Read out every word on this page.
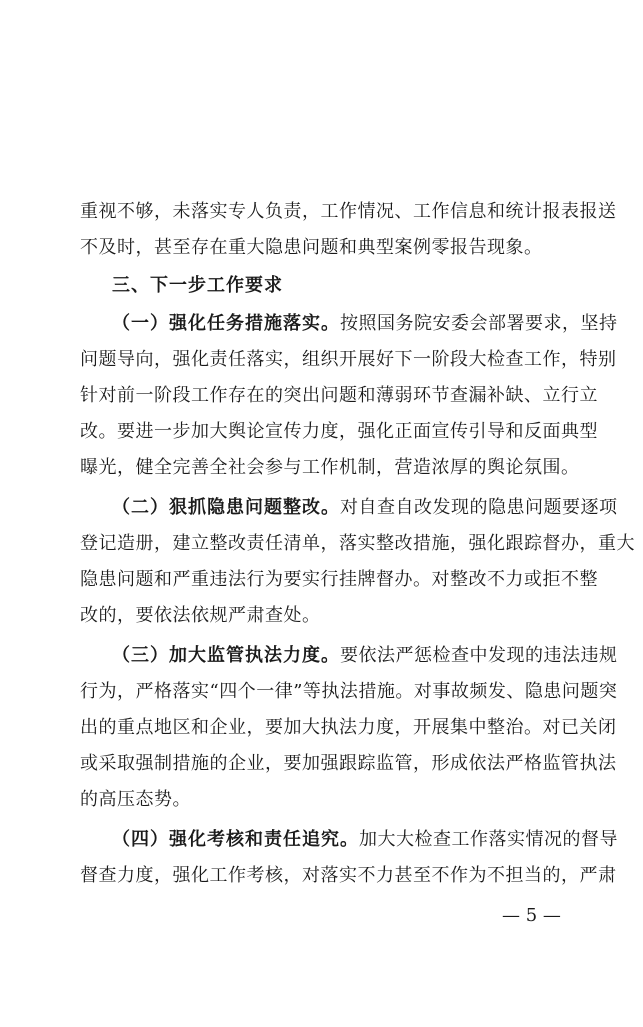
重视不够，未落实专人负责，工作情况、工作信息和统计报表报送
不及时，甚至存在重大隐患问题和典型案例零报告现象。
三、下一步工作要求
（一）强化任务措施落实。按照国务院安委会部署要求，坚持
问题导向，强化责任落实，组织开展好下一阶段大检查工作，特别
针对前一阶段工作存在的突出问题和薄弱环节查漏补缺、立行立
改。要进一步加大舆论宣传力度，强化正面宣传引导和反面典型
曝光，健全完善全社会参与工作机制，营造浓厚的舆论氛围。
（二）狠抓隐患问题整改。对自查自改发现的隐患问题要逐项
登记造册，建立整改责任清单，落实整改措施，强化跟踪督办，重大
隐患问题和严重违法行为要实行挂牌督办。对整改不力或拒不整
改的，要依法依规严肃查处。
（三）加大监管执法力度。要依法严惩检查中发现的违法违规
行为，严格落实“四个一律”等执法措施。对事故频发、隐患问题突
出的重点地区和企业，要加大执法力度，开展集中整治。对已关闭
或采取强制措施的企业，要加强跟踪监管，形成依法严格监管执法
的高压态势。
（四）强化考核和责任追究。加大大检查工作落实情况的督导
督查力度，强化工作考核，对落实不力甚至不作为不担当的，严肃
— 5 —
